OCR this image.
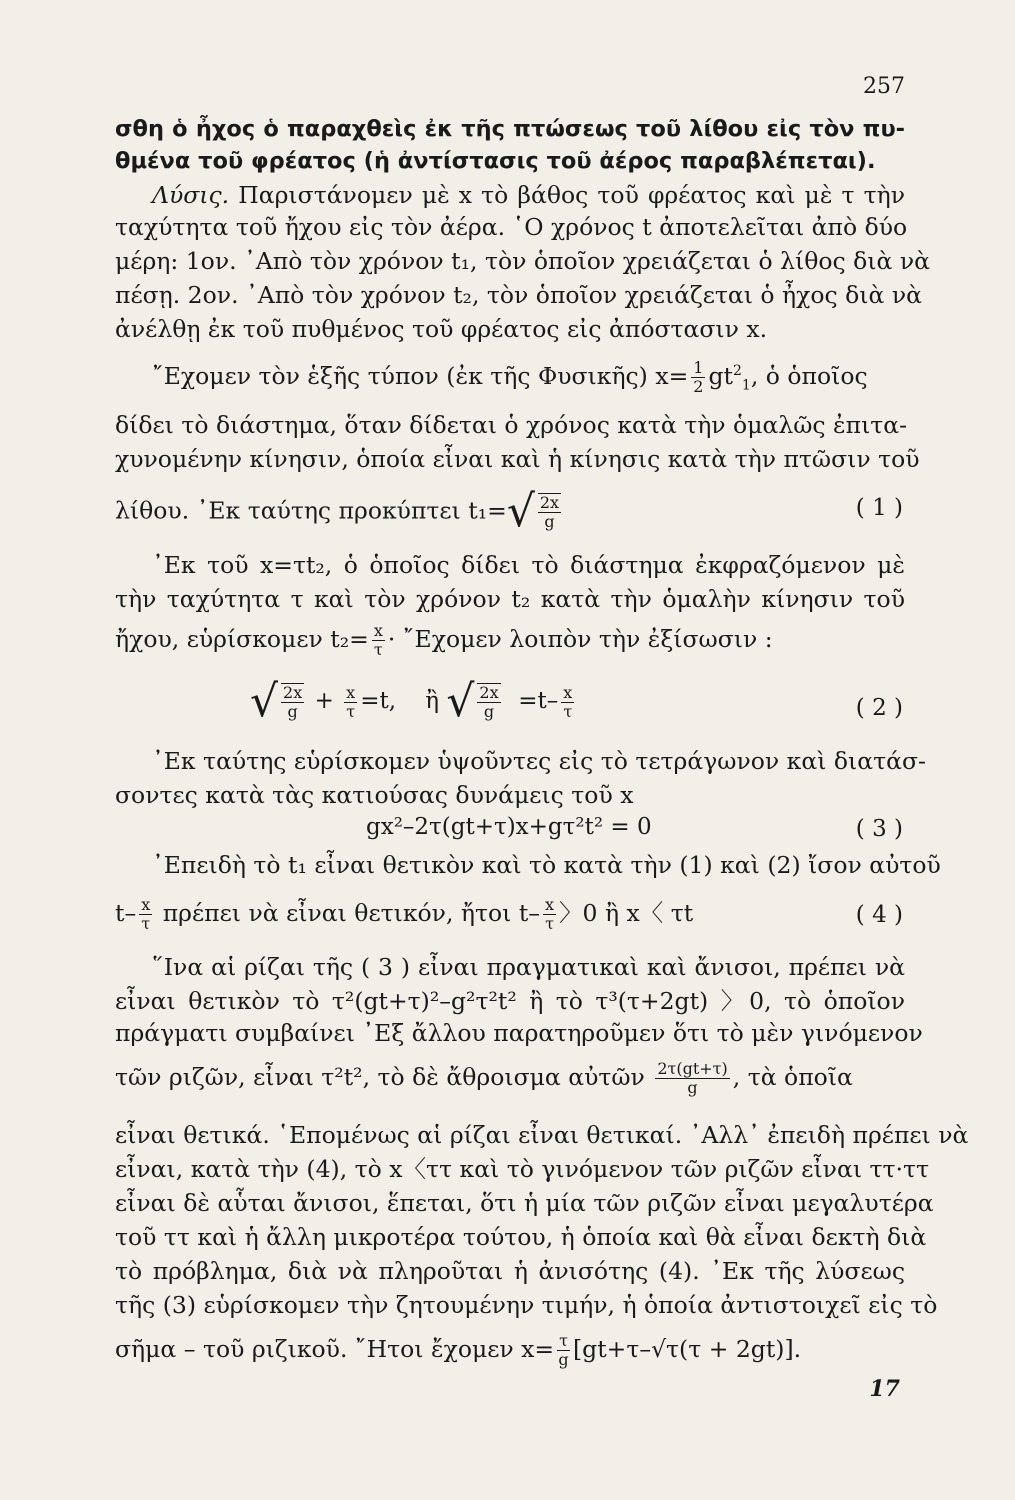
257
σθη ὁ ἦχος ὁ παραχθεὶς ἐκ τῆς πτώσεως τοῦ λίθου εἰς τὸν πυ-
θμένα τοῦ φρέατος (ἡ ἀντίστασις τοῦ ἀέρος παραβλέπεται).
Λύσις. Παριστάνομεν μὲ x τὸ βάθος τοῦ φρέατος καὶ μὲ τ τὴν
ταχύτητα τοῦ ἤχου εἰς τὸν ἀέρα. ῾Ο χρόνος t ἀποτελεῖται ἀπὸ δύο
μέρη: 1ον. ᾿Απὸ τὸν χρόνον t₁, τὸν ὁποῖον χρειάζεται ὁ λίθος διὰ νὰ
πέσῃ. 2ον. ᾿Απὸ τὸν χρόνον t₂, τὸν ὁποῖον χρειάζεται ὁ ἦχος διὰ νὰ
ἀνέλθῃ ἐκ τοῦ πυθμένος τοῦ φρέατος εἰς ἀπόστασιν x.
῎Εχομεν τὸν ἑξῆς τύπον (ἐκ τῆς Φυσικῆς) $x= \frac{1}{2} gt^2_1$, ὁ ὁποῖος
δίδει τὸ διάστημα, ὅταν δίδεται ὁ χρόνος κατὰ τὴν ὁμαλῶς ἐπιτα-
χυνομένην κίνησιν, ὁποία εἶναι καὶ ἡ κίνησις κατὰ τὴν πτῶσιν τοῦ
λίθου. ᾿Εκ ταύτης προκύπτει $t_1=√ \frac{2x}{g}$	( 1 )
᾿Εκ τοῦ x=τt₂, ὁ ὁποῖος δίδει τὸ διάστημα ἐκφραζόμενον μὲ
τὴν ταχύτητα τ καὶ τὸν χρόνον t₂ κατὰ τὴν ὁμαλὴν κίνησιν τοῦ
ἤχου, εὑρίσκομεν $t_2= \frac{x}{\tau}$ · ῎Εχομεν λοιπὸν τὴν ἐξίσωσιν :
√ $\frac{2x}{g} + \frac{x}{\tau} =t$, ἢ √ $\frac{2x}{g} =t- \frac{x}{\tau}$	( 2 )
᾿Εκ ταύτης εὑρίσκομεν ὑψοῦντες εἰς τὸ τετράγωνον καὶ διατάσ-
σοντες κατὰ τὰς κατιούσας δυνάμεις τοῦ x
gx²–2τ(gt+τ)x+gτ²t² = 0	( 3 )
᾿Επειδὴ τὸ t₁ εἶναι θετικὸν καὶ τὸ κατὰ τὴν (1) καὶ (2) ἴσον αὐτοῦ
$t- \frac{x}{\tau}$ πρέπει νὰ εἶναι θετικόν, ἤτοι $t- \frac{x}{\tau}$ 〉0 ἢ x〈 τt	( 4 )
῞Ινα αἱ ρίζαι τῆς ( 3 ) εἶναι πραγματικαὶ καὶ ἄνισοι, πρέπει νὰ
εἶναι θετικὸν τὸ τ²(gt+τ)²–g²τ²t² ἢ τὸ τ³(τ+2gt) 〉0, τὸ ὁποῖον
πράγματι συμβαίνει ᾿Εξ ἄλλου παρατηροῦμεν ὅτι τὸ μὲν γινόμενον
τῶν ριζῶν, εἶναι τ²t², τὸ δὲ ἄθροισμα αὐτῶν $\frac{2\tau(gt+\tau)}{g}$ , τὰ ὁποῖα
εἶναι θετικά. ῾Επομένως αἱ ρίζαι εἶναι θετικαί. ᾿Αλλ᾿ ἐπειδὴ πρέπει νὰ
εἶναι, κατὰ τὴν (4), τὸ x〈ττ καὶ τὸ γινόμενον τῶν ριζῶν εἶναι ττ·ττ
εἶναι δὲ αὗται ἄνισοι, ἕπεται, ὅτι ἡ μία τῶν ριζῶν εἶναι μεγαλυτέρα
τοῦ ττ καὶ ἡ ἄλλη μικροτέρα τούτου, ἡ ὁποία καὶ θὰ εἶναι δεκτὴ διὰ
τὸ πρόβλημα, διὰ νὰ πληροῦται ἡ ἀνισότης (4). ᾿Εκ τῆς λύσεως
τῆς (3) εὑρίσκομεν τὴν ζητουμένην τιμήν, ἡ ὁποία ἀντιστοιχεῖ εἰς τὸ
σῆμα – τοῦ ριζικοῦ. ῎Ητοι ἔχομεν $x= \frac{\tau}{g} [gt+\tau-√\tau(\tau + 2gt)]$.
17
